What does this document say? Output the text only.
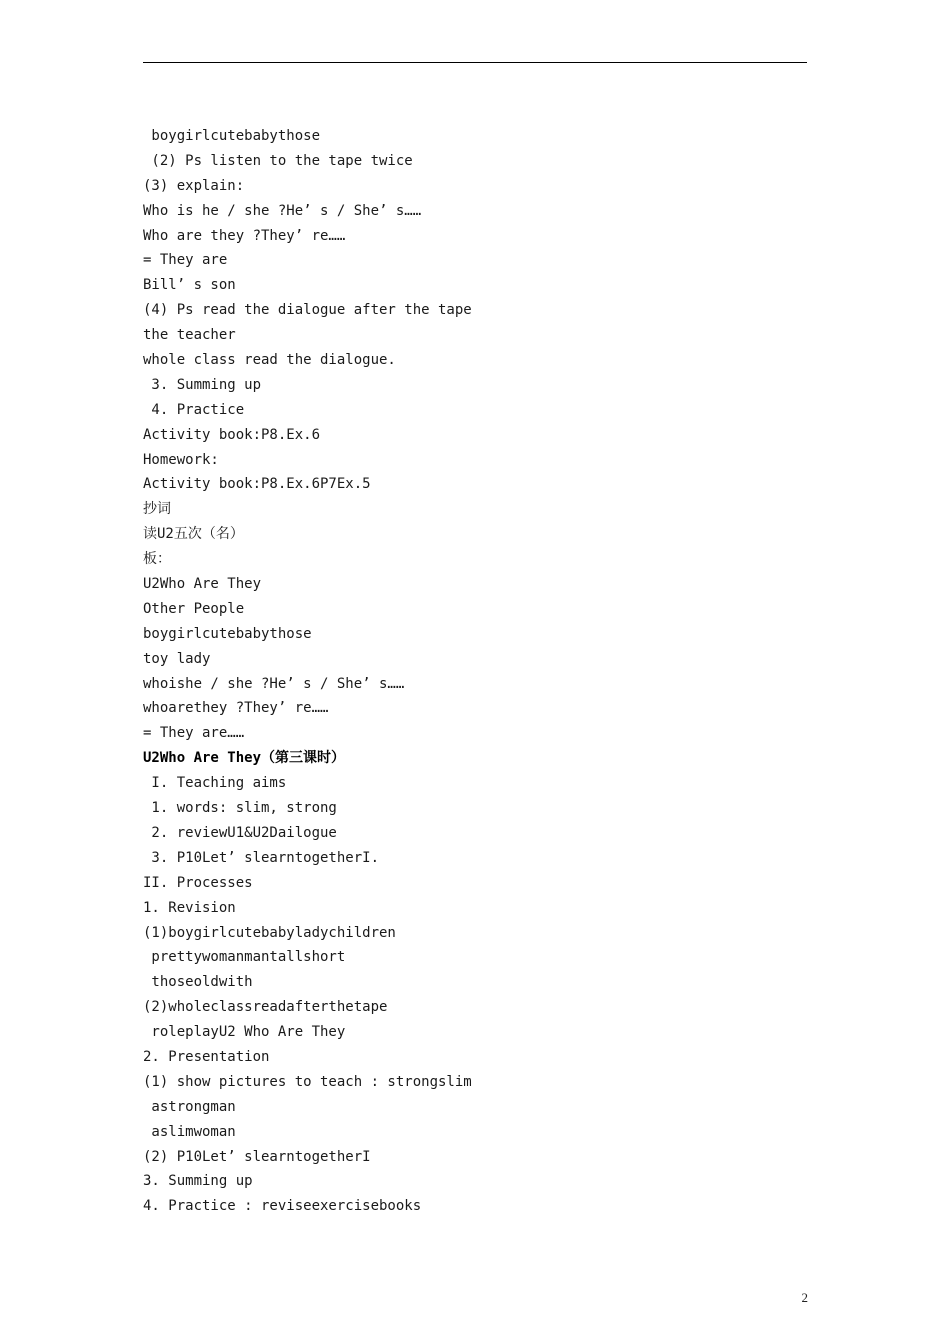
boygirlcutebabythose
(2) Ps listen to the tape twice
(3) explain:
Who is he / she ?He’ s / She’ s……
Who are they ?They’ re……
= They are
Bill’ s son
(4) Ps read the dialogue after the tape
the teacher
whole class read the dialogue.
3. Summing up
4. Practice
Activity book:P8.Ex.6
Homework:
Activity book:P8.Ex.6P7Ex.5
抄词
读U2五次（名）
板：
U2Who Are They
Other People
boygirlcutebabythose
toy lady
whoishe / she ?He’ s / She’ s……
whoarethey ?They’ re……
= They are……
U2Who Are They（第三课时）
I. Teaching aims
1. words: slim, strong
2. reviewU1&U2Dailogue
3. P10Let’ slearntogetherI.
II. Processes
1. Revision
(1)boygirlcutebabyladychildren
prettywomanmantallshort
thoseoldwith
(2)wholeclassreadafterthetape
roleplayU2 Who Are They
2. Presentation
(1) show pictures to teach : strongslim
astrongman
aslimwoman
(2) P10Let’ slearntogetherI
3. Summing up
4. Practice : reviseexercisebooks
2
